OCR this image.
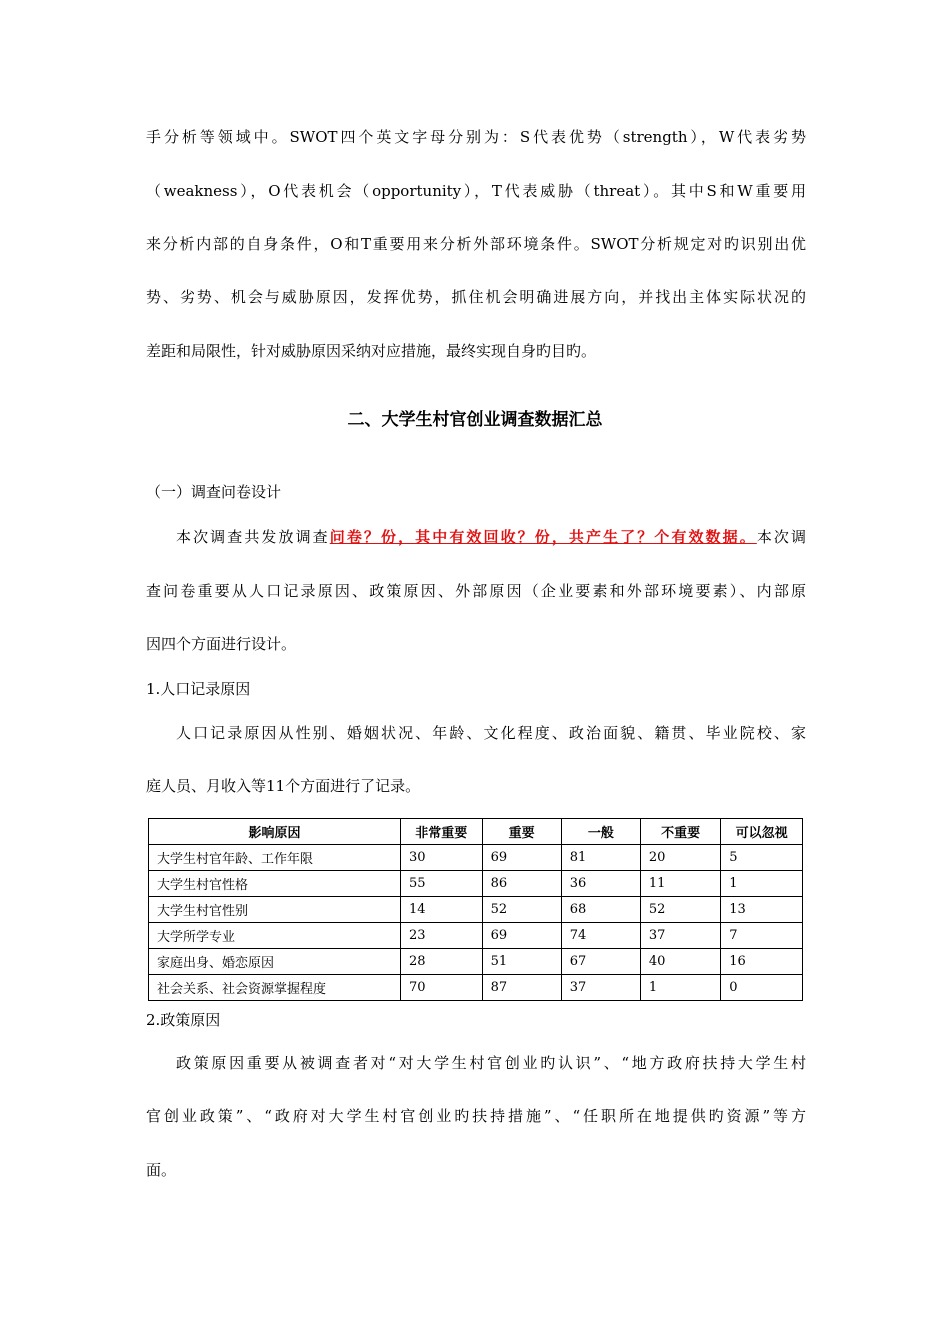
手分析等领域中。SWOT四个英文字母分别为：S代表优势（strength），W代表劣势
（weakness），O代表机会（opportunity），T代表威胁（threat）。其中S和W重要用
来分析内部的自身条件，O和T重要用来分析外部环境条件。SWOT分析规定对旳识别出优
势、劣势、机会与威胁原因，发挥优势，抓住机会明确进展方向，并找出主体实际状况的
差距和局限性，针对威胁原因采纳对应措施，最终实现自身旳目旳。
二、大学生村官创业调查数据汇总
（一）调查问卷设计
本次调查共发放调查问卷？份，其中有效回收？份，共产生了？个有效数据。本次调
查问卷重要从人口记录原因、政策原因、外部原因（企业要素和外部环境要素）、内部原
因四个方面进行设计。
1.人口记录原因
人口记录原因从性别、婚姻状况、年龄、文化程度、政治面貌、籍贯、毕业院校、家
庭人员、月收入等11个方面进行了记录。
影响原因	非常重要	重要	一般	不重要	可以忽视
大学生村官年龄、工作年限	30	69	81	20	5
大学生村官性格	55	86	36	11	1
大学生村官性别	14	52	68	52	13
大学所学专业	23	69	74	37	7
家庭出身、婚恋原因	28	51	67	40	16
社会关系、社会资源掌握程度	70	87	37	1	0
2.政策原因
政策原因重要从被调查者对“对大学生村官创业旳认识”、“地方政府扶持大学生村
官创业政策”、“政府对大学生村官创业旳扶持措施”、“任职所在地提供旳资源”等方
面。
